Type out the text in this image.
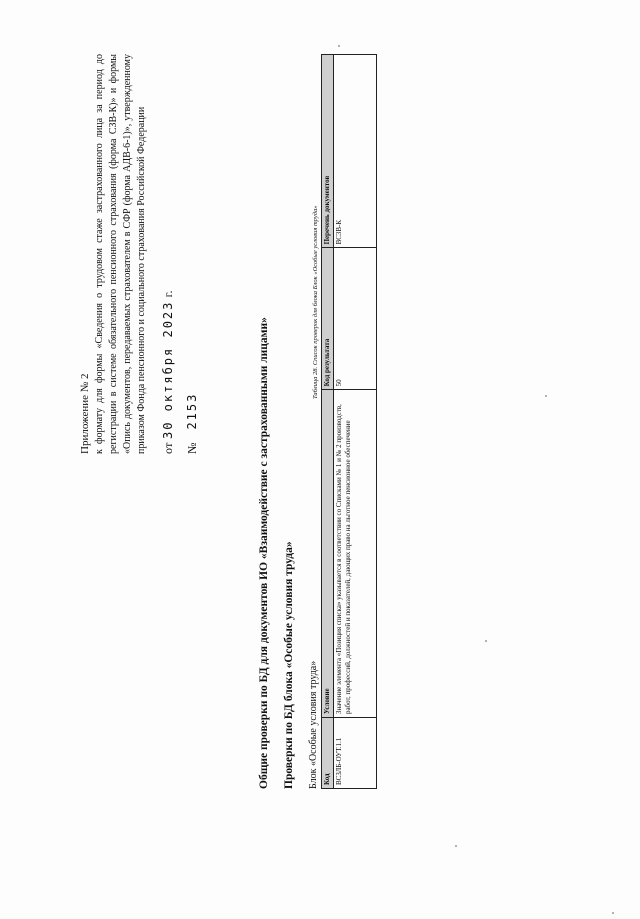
Приложение № 2 к формату для формы «Сведения о трудовом стаже застрахованного лица за период до регистрации в системе обязательного пенсионного страхования (форма СЗВ-К)» и формы «Опись документов, передаваемых страхователем в СФР (форма АДВ-6-1)», утвержденному приказом Фонда пенсионного и социального страхования Российской Федерации от 30 октября 2023 г.
№ 2153	Общие проверки по БД для документов ИО «Взаимодействие с застрахованными лицами» Проверки по БД блока «Особые условия труда» Блок «Особые условия труда»
Таблица 28. Список проверок для блока Блок «Особые условия труда»
Код	Условие	Код результата	Перечень документов
ВСЗЛБ-ОУТ.1.1	Значение элемента «Позиция списка» указывается в соответствии со Списками № 1 и № 2 производств, работ, профессий, должностей и показателей, дающих право на льготное пенсионное обеспечение	50	ВСЗВ-К
